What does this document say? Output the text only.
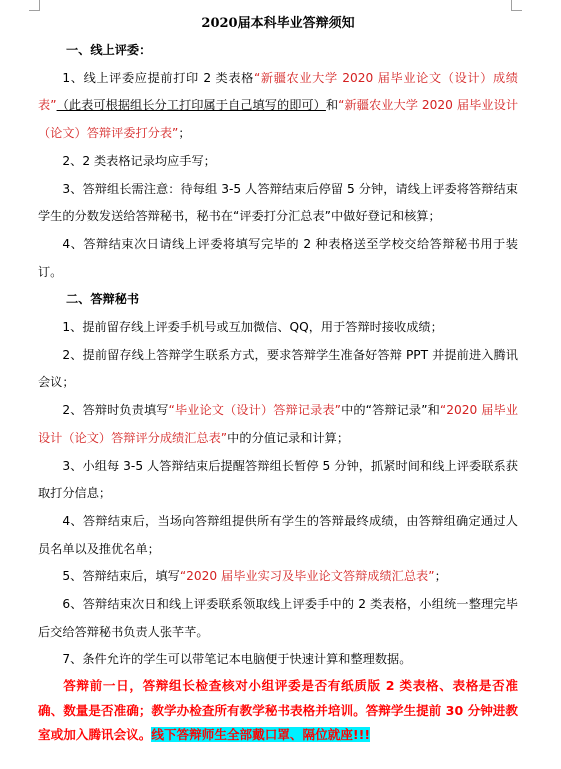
2020届本科毕业答辩须知
一、线上评委：
1、线上评委应提前打印 2 类表格“新疆农业大学 2020 届毕业论文（设计）成绩表”（此表可根据组长分工打印属于自己填写的即可）和“新疆农业大学 2020 届毕业设计（论文）答辩评委打分表”；
2、2 类表格记录均应手写；
3、答辩组长需注意：待每组 3-5 人答辩结束后停留 5 分钟，请线上评委将答辩结束学生的分数发送给答辩秘书，秘书在“评委打分汇总表”中做好登记和核算；
4、答辩结束次日请线上评委将填写完毕的 2 种表格送至学校交给答辩秘书用于装订。
二、答辩秘书
1、提前留存线上评委手机号或互加微信、QQ，用于答辩时接收成绩；
2、提前留存线上答辩学生联系方式，要求答辩学生准备好答辩 PPT 并提前进入腾讯会议；
2、答辩时负责填写“毕业论文（设计）答辩记录表”中的“答辩记录”和“2020 届毕业设计（论文）答辩评分成绩汇总表”中的分值记录和计算；
3、小组每 3-5 人答辩结束后提醒答辩组长暂停 5 分钟，抓紧时间和线上评委联系获取打分信息；
4、答辩结束后，当场向答辩组提供所有学生的答辩最终成绩，由答辩组确定通过人员名单以及推优名单；
5、答辩结束后，填写“2020 届毕业实习及毕业论文答辩成绩汇总表”；
6、答辩结束次日和线上评委联系领取线上评委手中的 2 类表格，小组统一整理完毕后交给答辩秘书负责人张芊芊。
7、条件允许的学生可以带笔记本电脑便于快速计算和整理数据。
答辩前一日，答辩组长检查核对小组评委是否有纸质版 2 类表格、表格是否准确、数量是否准确；教学办检查所有教学秘书表格并培训。答辩学生提前 30 分钟进教室或加入腾讯会议。线下答辩师生全部戴口罩、隔位就座!!!
